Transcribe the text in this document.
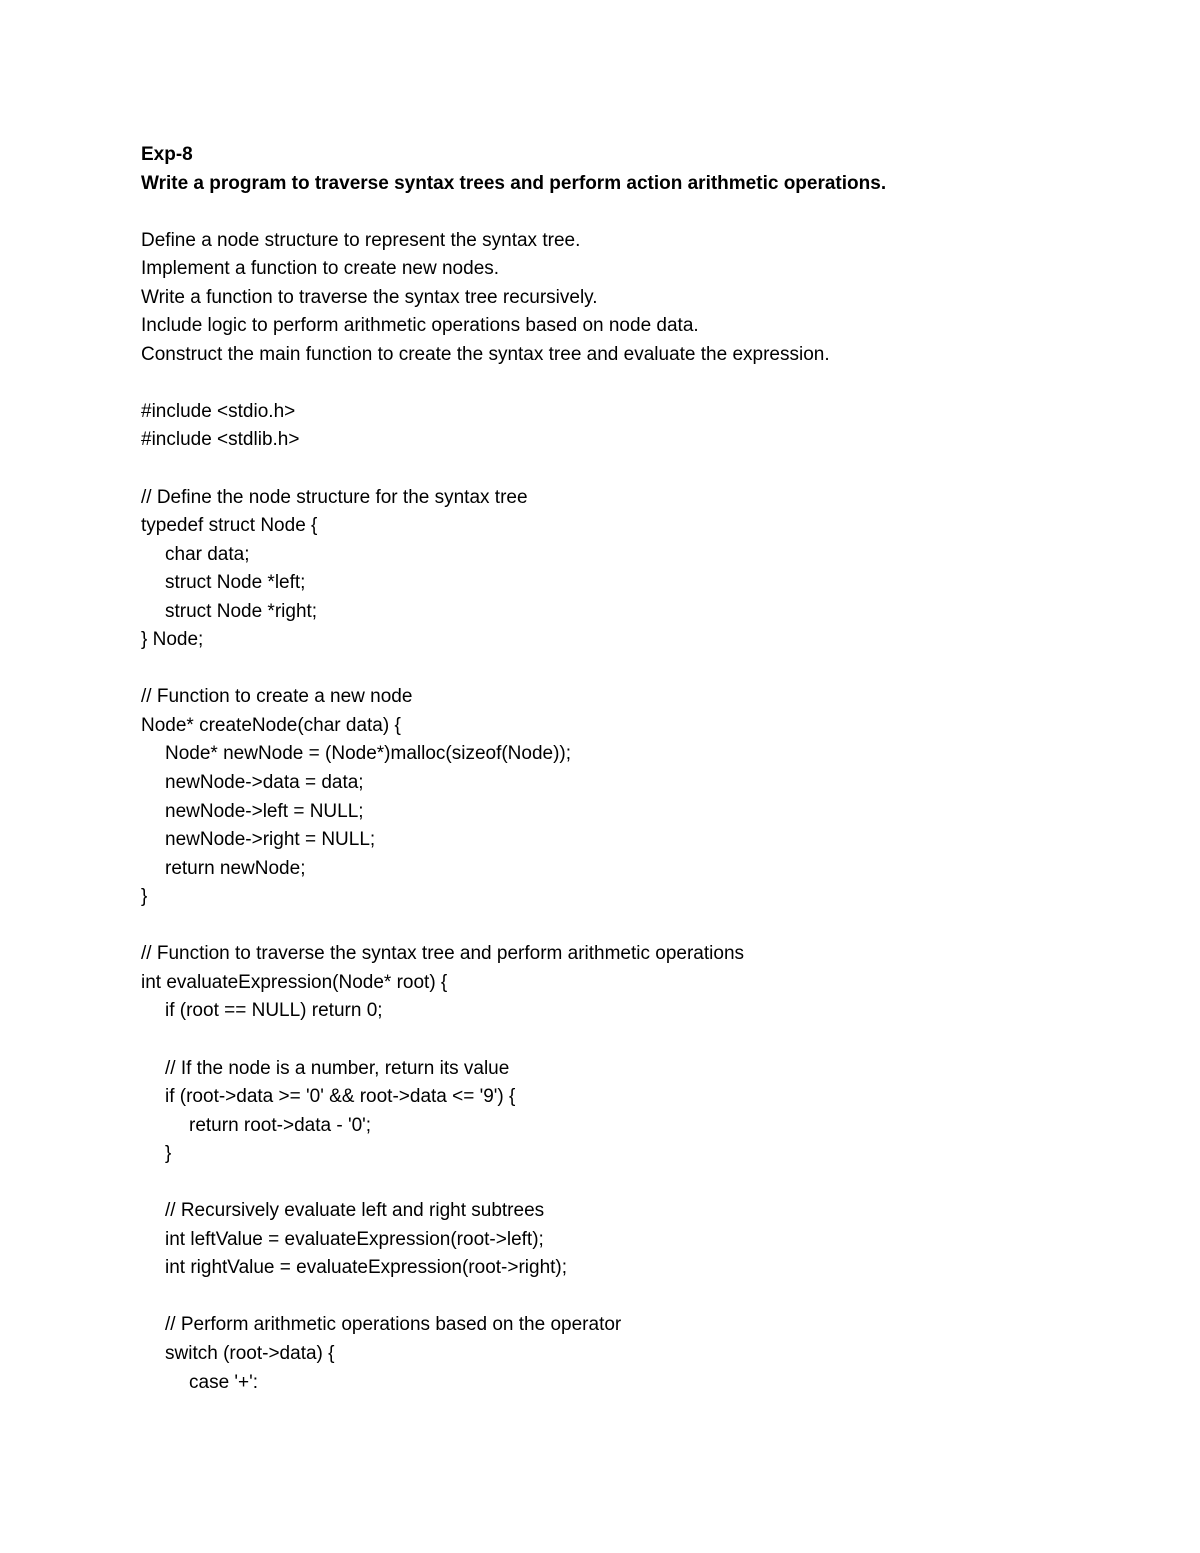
Exp-8
Write a program to traverse syntax trees and perform action arithmetic operations.
Define a node structure to represent the syntax tree.
Implement a function to create new nodes.
Write a function to traverse the syntax tree recursively.
Include logic to perform arithmetic operations based on node data.
Construct the main function to create the syntax tree and evaluate the expression.
#include <stdio.h>
#include <stdlib.h>
// Define the node structure for the syntax tree
typedef struct Node {
char data;
struct Node *left;
struct Node *right;
} Node;
// Function to create a new node
Node* createNode(char data) {
Node* newNode = (Node*)malloc(sizeof(Node));
newNode->data = data;
newNode->left = NULL;
newNode->right = NULL;
return newNode;
}
// Function to traverse the syntax tree and perform arithmetic operations
int evaluateExpression(Node* root) {
if (root == NULL) return 0;
// If the node is a number, return its value
if (root->data >= '0' && root->data <= '9') {
return root->data - '0';
}
// Recursively evaluate left and right subtrees
int leftValue = evaluateExpression(root->left);
int rightValue = evaluateExpression(root->right);
// Perform arithmetic operations based on the operator
switch (root->data) {
case '+':
